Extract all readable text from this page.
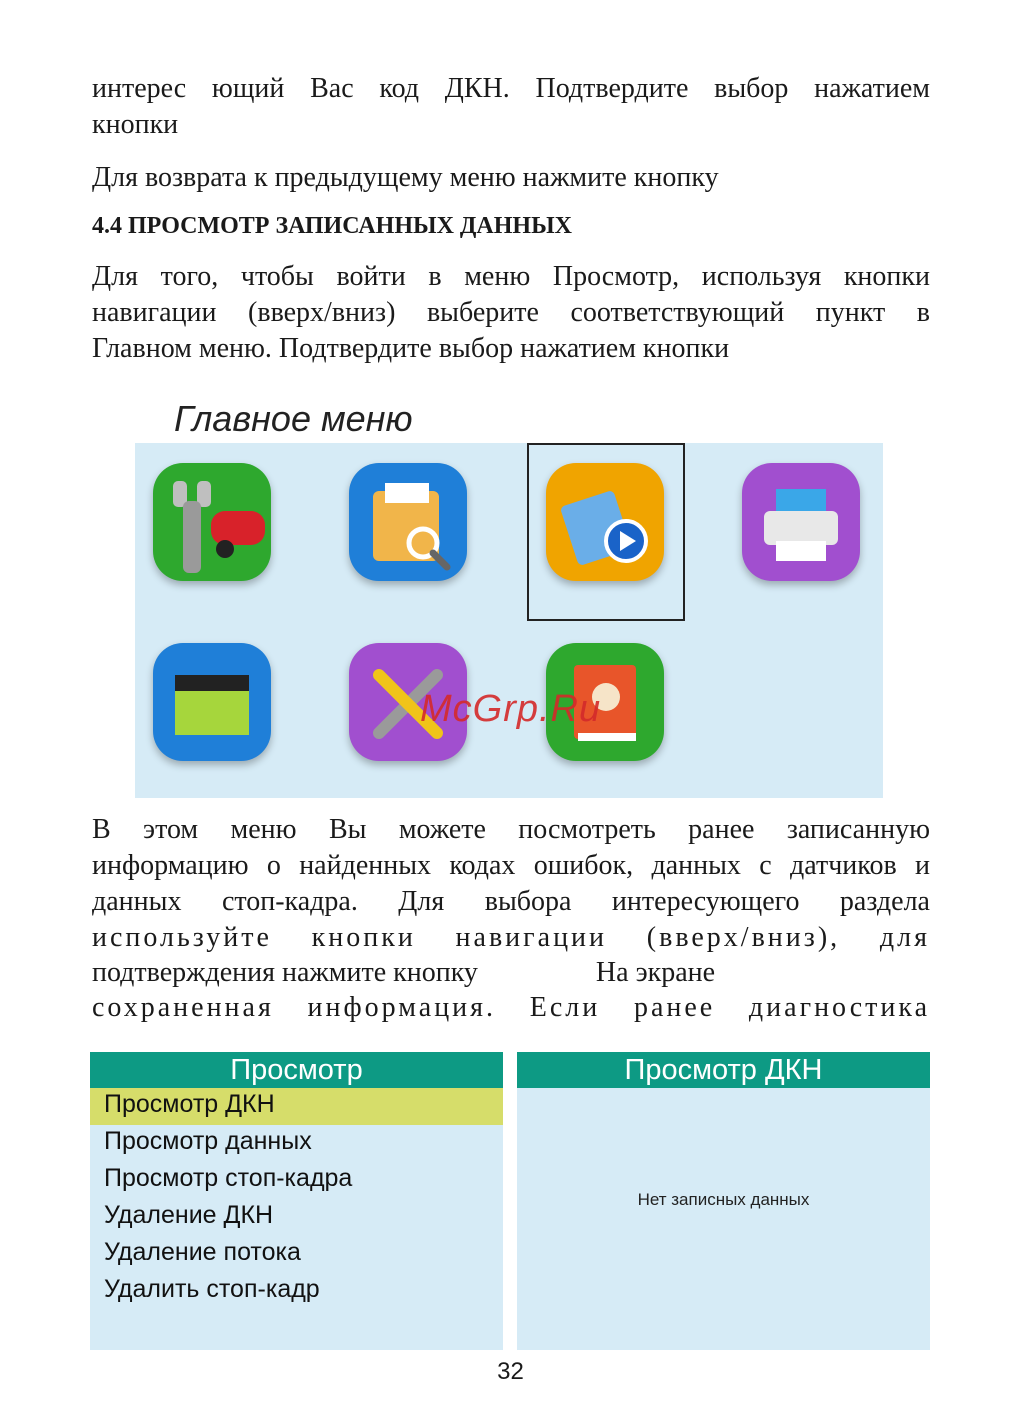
интерес ющий Вас код ДКН. Подтвердите выбор нажатием

кнопки

Для возврата к предыдущему меню нажмите кнопку

4.4 ПРОСМОТР ЗАПИСАННЫХ ДАННЫХ

Для того, чтобы войти в меню Просмотр, используя кнопки

навигации (вверх/вниз) выберите соответствующий пункт в

Главном меню. Подтвердите выбор нажатием кнопки

Главное меню
McGrp.Ru

В этом меню Вы можете посмотреть ранее записанную

информацию о найденных кодах ошибок, данных с датчиков и

данных стоп-кадра. Для выбора интересующего раздела

используйте кнопки навигации (вверх/вниз), для

подтверждения нажмите кнопку	На экране

сохраненная информация. Если ранее диагностика

Просмотр
Просмотр ДКН
Просмотр данных
Просмотр стоп-кадра
Удаление ДКН
Удаление потока
Удалить стоп-кадр
Просмотр ДКН
Нет записных данных
32
